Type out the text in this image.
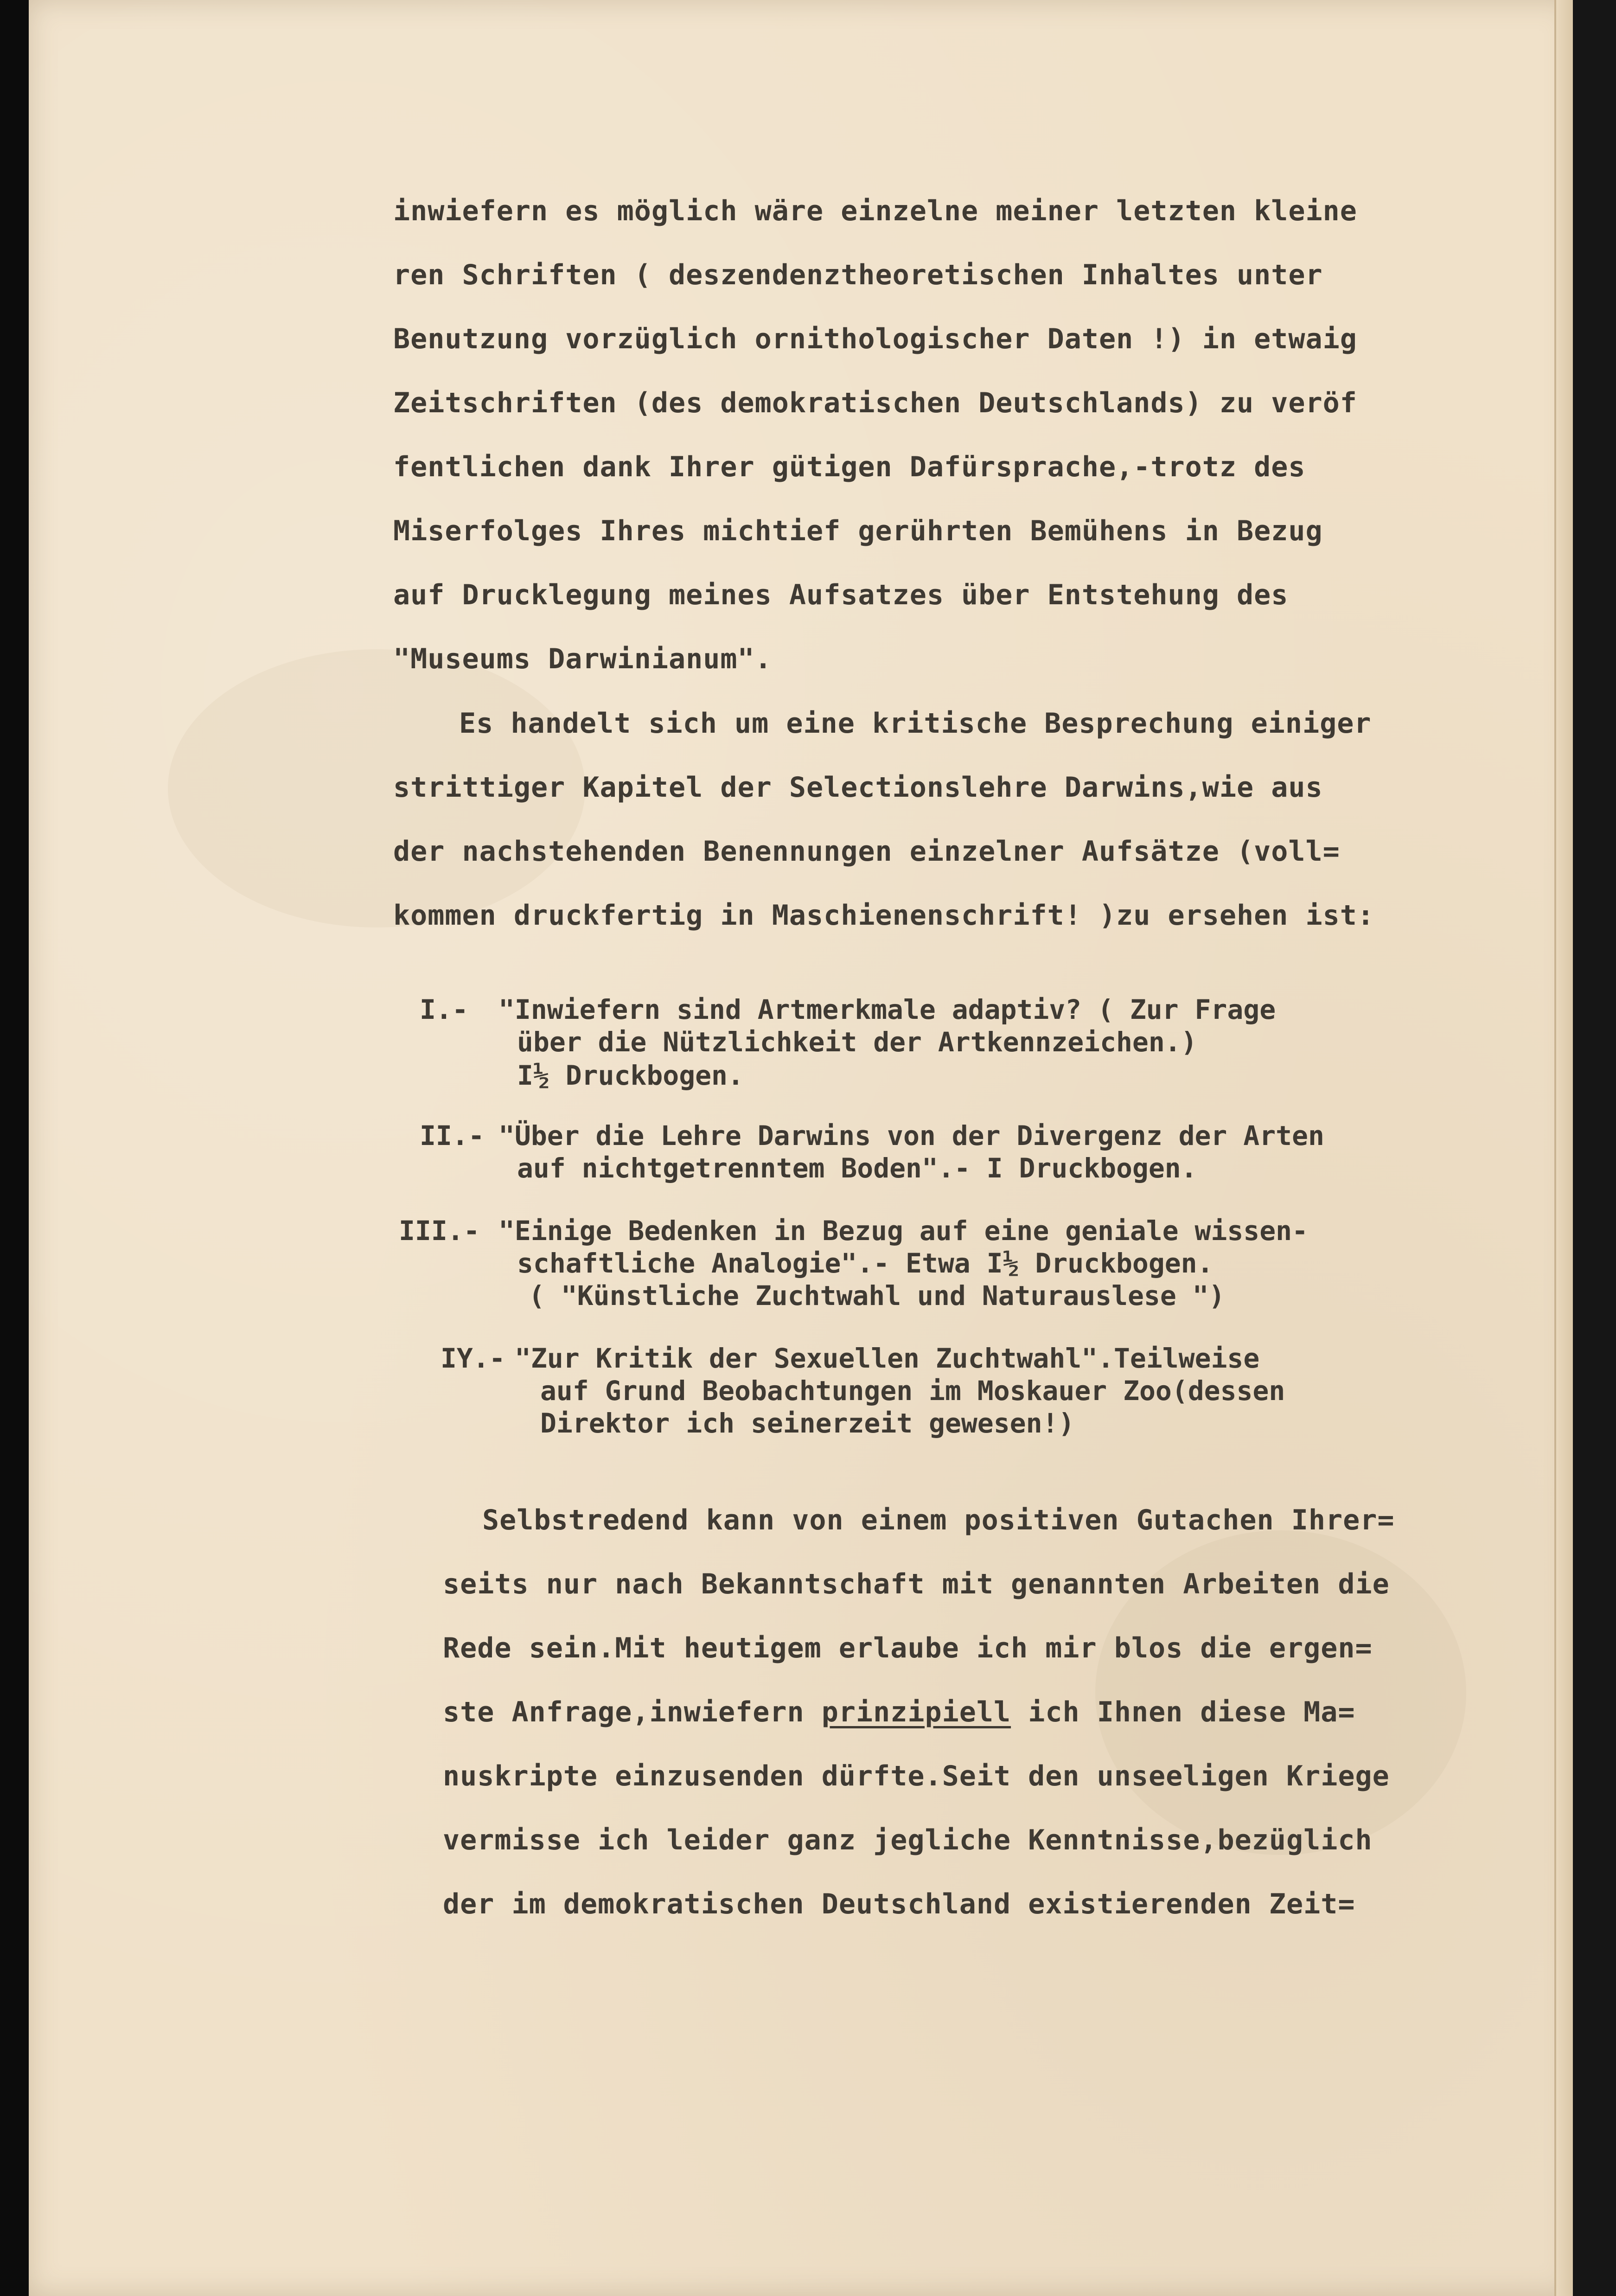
inwiefern es möglich wäre einzelne meiner letzten kleine
ren Schriften ( deszendenztheoretischen Inhaltes unter
Benutzung vorzüglich ornithologischer Daten !) in etwaig
Zeitschriften (des demokratischen Deutschlands) zu veröf
fentlichen dank Ihrer gütigen Dafürsprache,-trotz des
Miserfolges Ihres michtief gerührten Bemühens in Bezug
auf Drucklegung meines Aufsatzes über Entstehung des
"Museums Darwinianum".
Es handelt sich um eine kritische Besprechung einiger
strittiger Kapitel der Selectionslehre Darwins,wie aus
der nachstehenden Benennungen einzelner Aufsätze (voll=
kommen druckfertig in Maschienenschrift! )zu ersehen ist:
I.- "Inwiefern sind Artmerkmale adaptiv? ( Zur Frage
über die Nützlichkeit der Artkennzeichen.)
I½ Druckbogen.
II.- "Über die Lehre Darwins von der Divergenz der Arten
auf nichtgetrenntem Boden".- I Druckbogen.
III.- "Einige Bedenken in Bezug auf eine geniale wissen-
schaftliche Analogie".- Etwa I½ Druckbogen.
( "Künstliche Zuchtwahl und Naturauslese ")
IY.- "Zur Kritik der Sexuellen Zuchtwahl".Teilweise
auf Grund Beobachtungen im Moskauer Zoo(dessen
Direktor ich seinerzeit gewesen!)
Selbstredend kann von einem positiven Gutachen Ihrer=
seits nur nach Bekanntschaft mit genannten Arbeiten die
Rede sein.Mit heutigem erlaube ich mir blos die ergen=
ste Anfrage,inwiefern prinzipiell ich Ihnen diese Ma=
nuskripte einzusenden dürfte.Seit den unseeligen Kriege
vermisse ich leider ganz jegliche Kenntnisse,bezüglich
der im demokratischen Deutschland existierenden Zeit=
